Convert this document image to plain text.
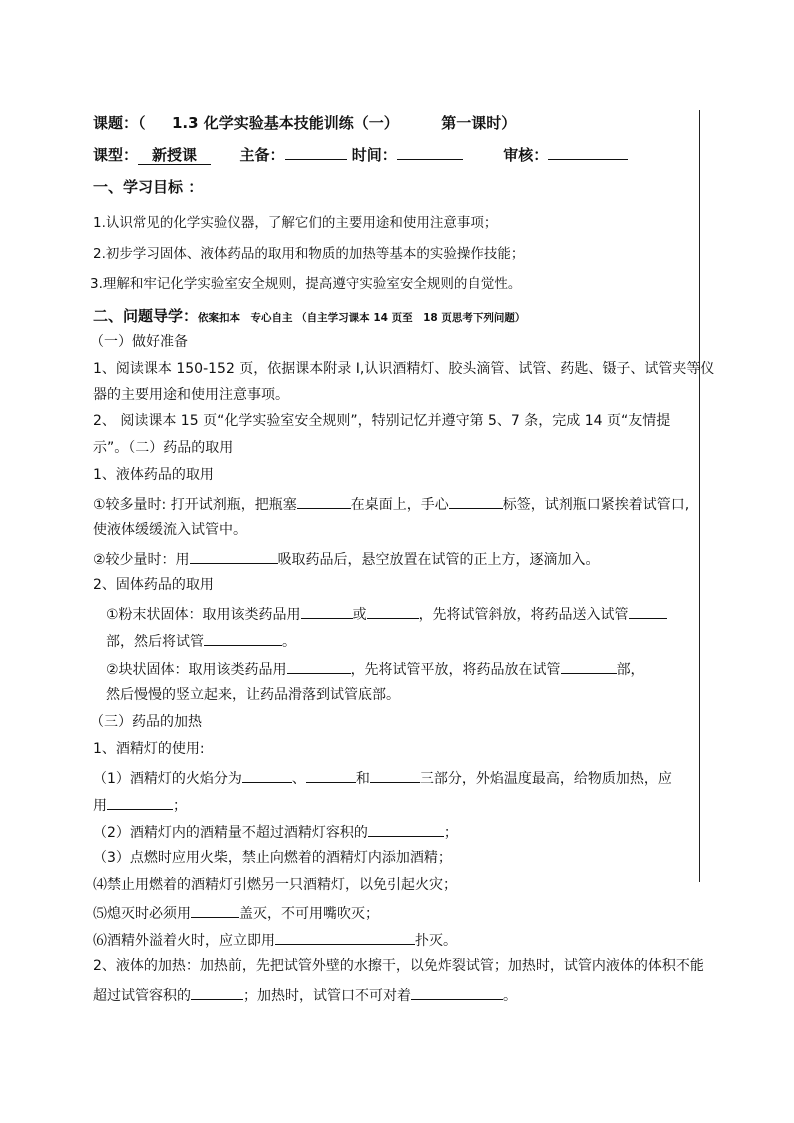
课题：（ 1.3 化学实验基本技能训练（一）	第一课时）
课型： 新授课	主备：	时间：	审核：
一、学习目标 ：
1.认识常见的化学实验仪器，了解它们的主要用途和使用注意事项；
2.初步学习固体、液体药品的取用和物质的加热等基本的实验操作技能；
3.理解和牢记化学实验室安全规则，提高遵守实验室安全规则的自觉性。
二、问题导学：依案扣本　专心自主 （自主学习课本 14 页至　18 页思考下列问题）
（一）做好准备
1、阅读课本 150-152 页，依据课本附录 I,认识酒精灯、胶头滴管、试管、药匙、镊子、试管夹等仪
器的主要用途和使用注意事项。
2、 阅读课本 15 页“化学实验室安全规则”，特别记忆并遵守第 5、7 条，完成 14 页“友情提
示”。（二）药品的取用
1、液体药品的取用
①较多量时: 打开试剂瓶，把瓶塞	在桌面上，手心	标签，试剂瓶口紧挨着试管口,
使液体缓缓流入试管中。
②较少量时：用	吸取药品后，悬空放置在试管的正上方，逐滴加入。
2、固体药品的取用
①粉末状固体：取用该类药品用	或	，先将试管斜放，将药品送入试管
部，然后将试管	。
②块状固体：取用该类药品用	，先将试管平放，将药品放在试管	部，
然后慢慢的竖立起来，让药品滑落到试管底部。
（三）药品的加热
1、酒精灯的使用:
（1）酒精灯的火焰分为	、	和	三部分，外焰温度最高，给物质加热，应
用	；
（2）酒精灯内的酒精量不超过酒精灯容积的	；
（3）点燃时应用火柴，禁止向燃着的酒精灯内添加酒精；
⑷禁止用燃着的酒精灯引燃另一只酒精灯，以免引起火灾；
⑸熄灭时必须用	盖灭，不可用嘴吹灭；
⑹酒精外溢着火时，应立即用	扑灭。
2、液体的加热：加热前，先把试管外壁的水擦干，以免炸裂试管；加热时，试管内液体的体积不能
超过试管容积的	；加热时，试管口不可对着	。
